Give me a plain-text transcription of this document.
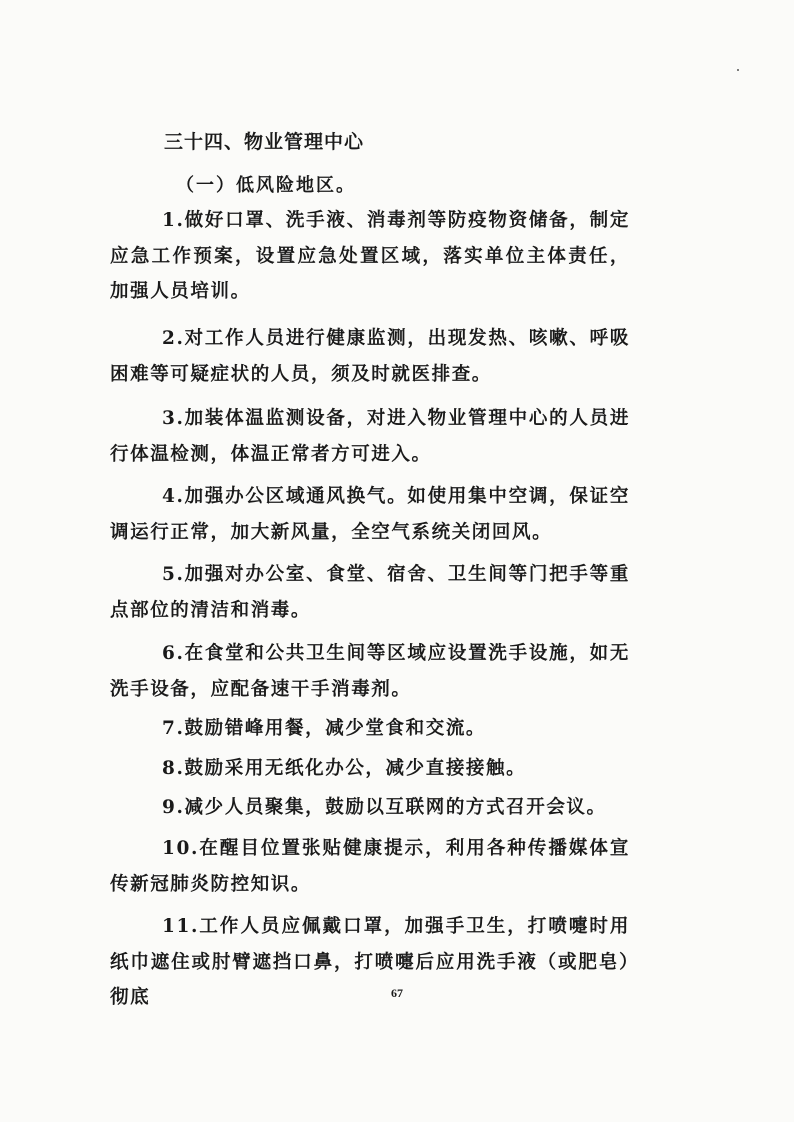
三十四、物业管理中心
（一）低风险地区。
1.做好口罩、洗手液、消毒剂等防疫物资储备，制定应急工作预案，设置应急处置区域，落实单位主体责任，加强人员培训。
2.对工作人员进行健康监测，出现发热、咳嗽、呼吸困难等可疑症状的人员，须及时就医排查。
3.加装体温监测设备，对进入物业管理中心的人员进行体温检测，体温正常者方可进入。
4.加强办公区域通风换气。如使用集中空调，保证空调运行正常，加大新风量，全空气系统关闭回风。
5.加强对办公室、食堂、宿舍、卫生间等门把手等重点部位的清洁和消毒。
6.在食堂和公共卫生间等区域应设置洗手设施，如无洗手设备，应配备速干手消毒剂。
7.鼓励错峰用餐，减少堂食和交流。
8.鼓励采用无纸化办公，减少直接接触。
9.减少人员聚集，鼓励以互联网的方式召开会议。
10.在醒目位置张贴健康提示，利用各种传播媒体宣传新冠肺炎防控知识。
11.工作人员应佩戴口罩，加强手卫生，打喷嚏时用纸巾遮住或肘臂遮挡口鼻，打喷嚏后应用洗手液（或肥皂）彻底	67
